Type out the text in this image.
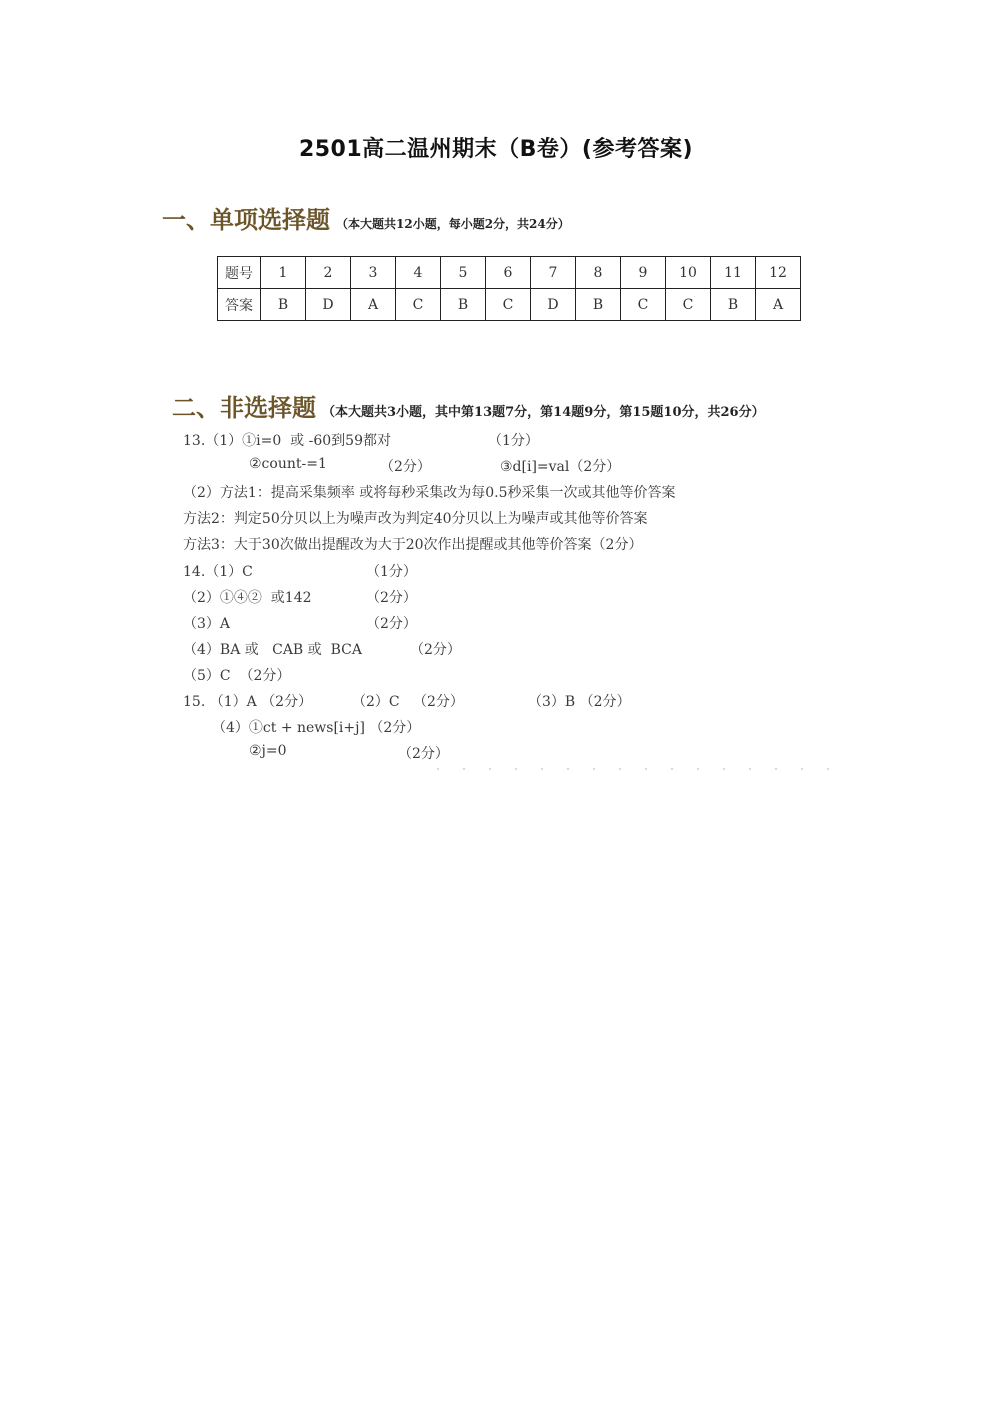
2501高二温州期末（B卷）(参考答案)
一、单项选择题 （本大题共12小题，每小题2分，共24分）
题号	1	2	3	4	5	6	7	8	9	10	11	12
答案	B	D	A	C	B	C	D	B	C	C	B	A
二、非选择题 （本大题共3小题，其中第13题7分，第14题9分，第15题10分，共26分）
13.（1）①i=0  或 -60到59都对	（1分）
②count-=1	（2分）	③d[i]=val（2分）
（2）方法1：提高采集频率 或将每秒采集改为每0.5秒采集一次或其他等价答案
方法2：判定50分贝以上为噪声改为判定40分贝以上为噪声或其他等价答案
方法3：大于30次做出提醒改为大于20次作出提醒或其他等价答案（2分）
14.（1）C	（1分）
（2）①④②  或142	（2分）
（3）A	（2分）
（4）BA 或   CAB 或  BCA	（2分）
（5）C  （2分）
15. （1）A （2分）	（2）C   （2分）	（3）B （2分）
（4）①ct + news[i+j] （2分）
②j=0	（2分）
